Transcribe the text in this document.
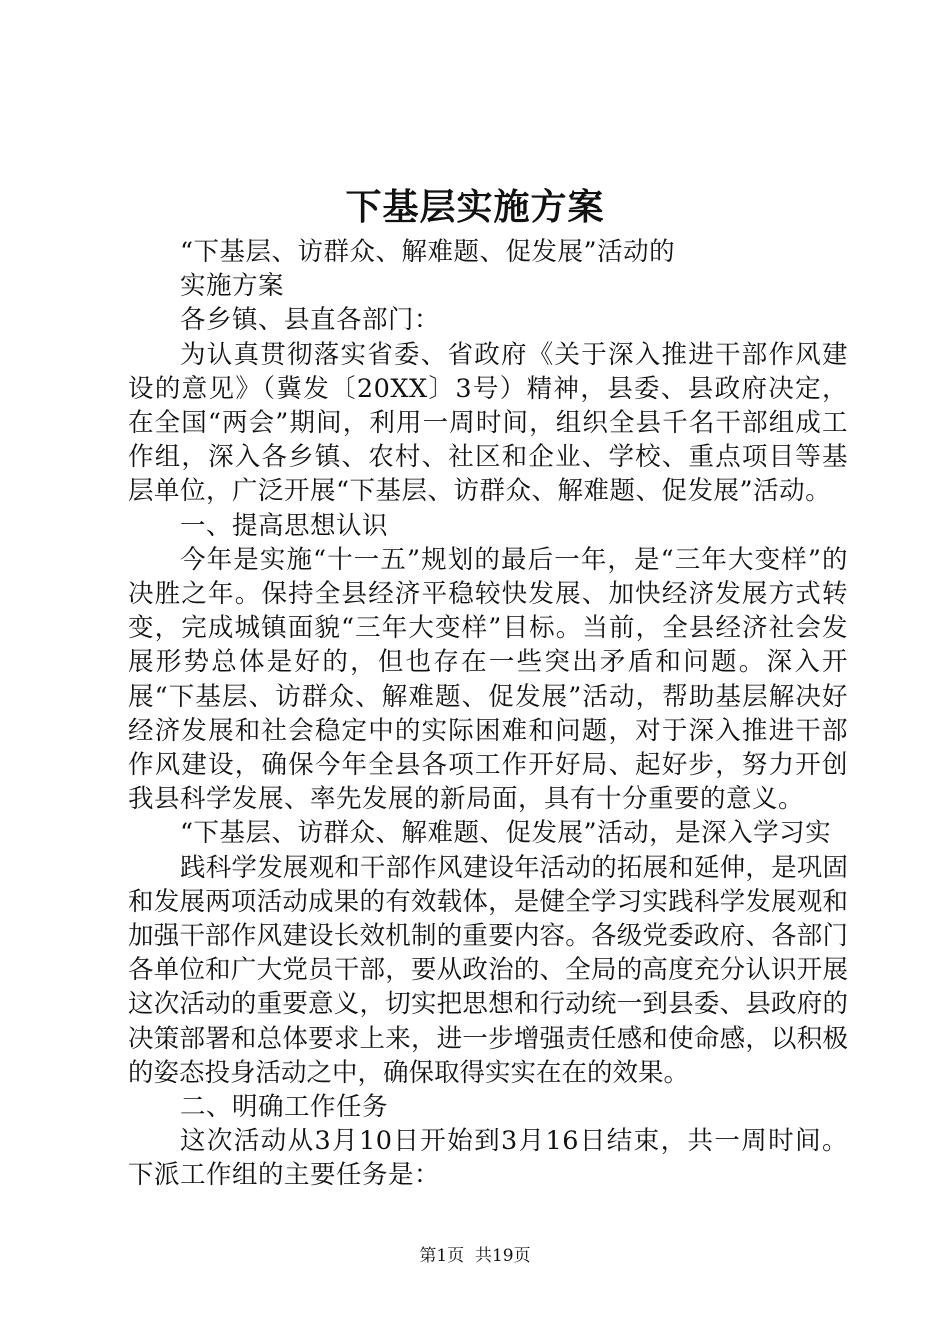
下基层实施方案

“下基层、访群众、解难题、促发展”活动的

实施方案

各乡镇、县直各部门：

为认真贯彻落实省委、省政府《关于深入推进干部作风建设的意见》（冀发〔20XX〕3号）精神，县委、县政府决定，在全国“两会”期间，利用一周时间，组织全县千名干部组成工作组，深入各乡镇、农村、社区和企业、学校、重点项目等基层单位，广泛开展“下基层、访群众、解难题、促发展”活动。

一、提高思想认识

今年是实施“十一五”规划的最后一年，是“三年大变样”的决胜之年。保持全县经济平稳较快发展、加快经济发展方式转变，完成城镇面貌“三年大变样”目标。当前，全县经济社会发展形势总体是好的，但也存在一些突出矛盾和问题。深入开展“下基层、访群众、解难题、促发展”活动，帮助基层解决好经济发展和社会稳定中的实际困难和问题，对于深入推进干部作风建设，确保今年全县各项工作开好局、起好步，努力开创我县科学发展、率先发展的新局面，具有十分重要的意义。

“下基层、访群众、解难题、促发展”活动，是深入学习实

践科学发展观和干部作风建设年活动的拓展和延伸，是巩固和发展两项活动成果的有效载体，是健全学习实践科学发展观和加强干部作风建设长效机制的重要内容。各级党委政府、各部门各单位和广大党员干部，要从政治的、全局的高度充分认识开展这次活动的重要意义，切实把思想和行动统一到县委、县政府的决策部署和总体要求上来，进一步增强责任感和使命感，以积极的姿态投身活动之中，确保取得实实在在的效果。

二、明确工作任务

这次活动从3月10日开始到3月16日结束，共一周时间。下派工作组的主要任务是：

第1页  共19页
